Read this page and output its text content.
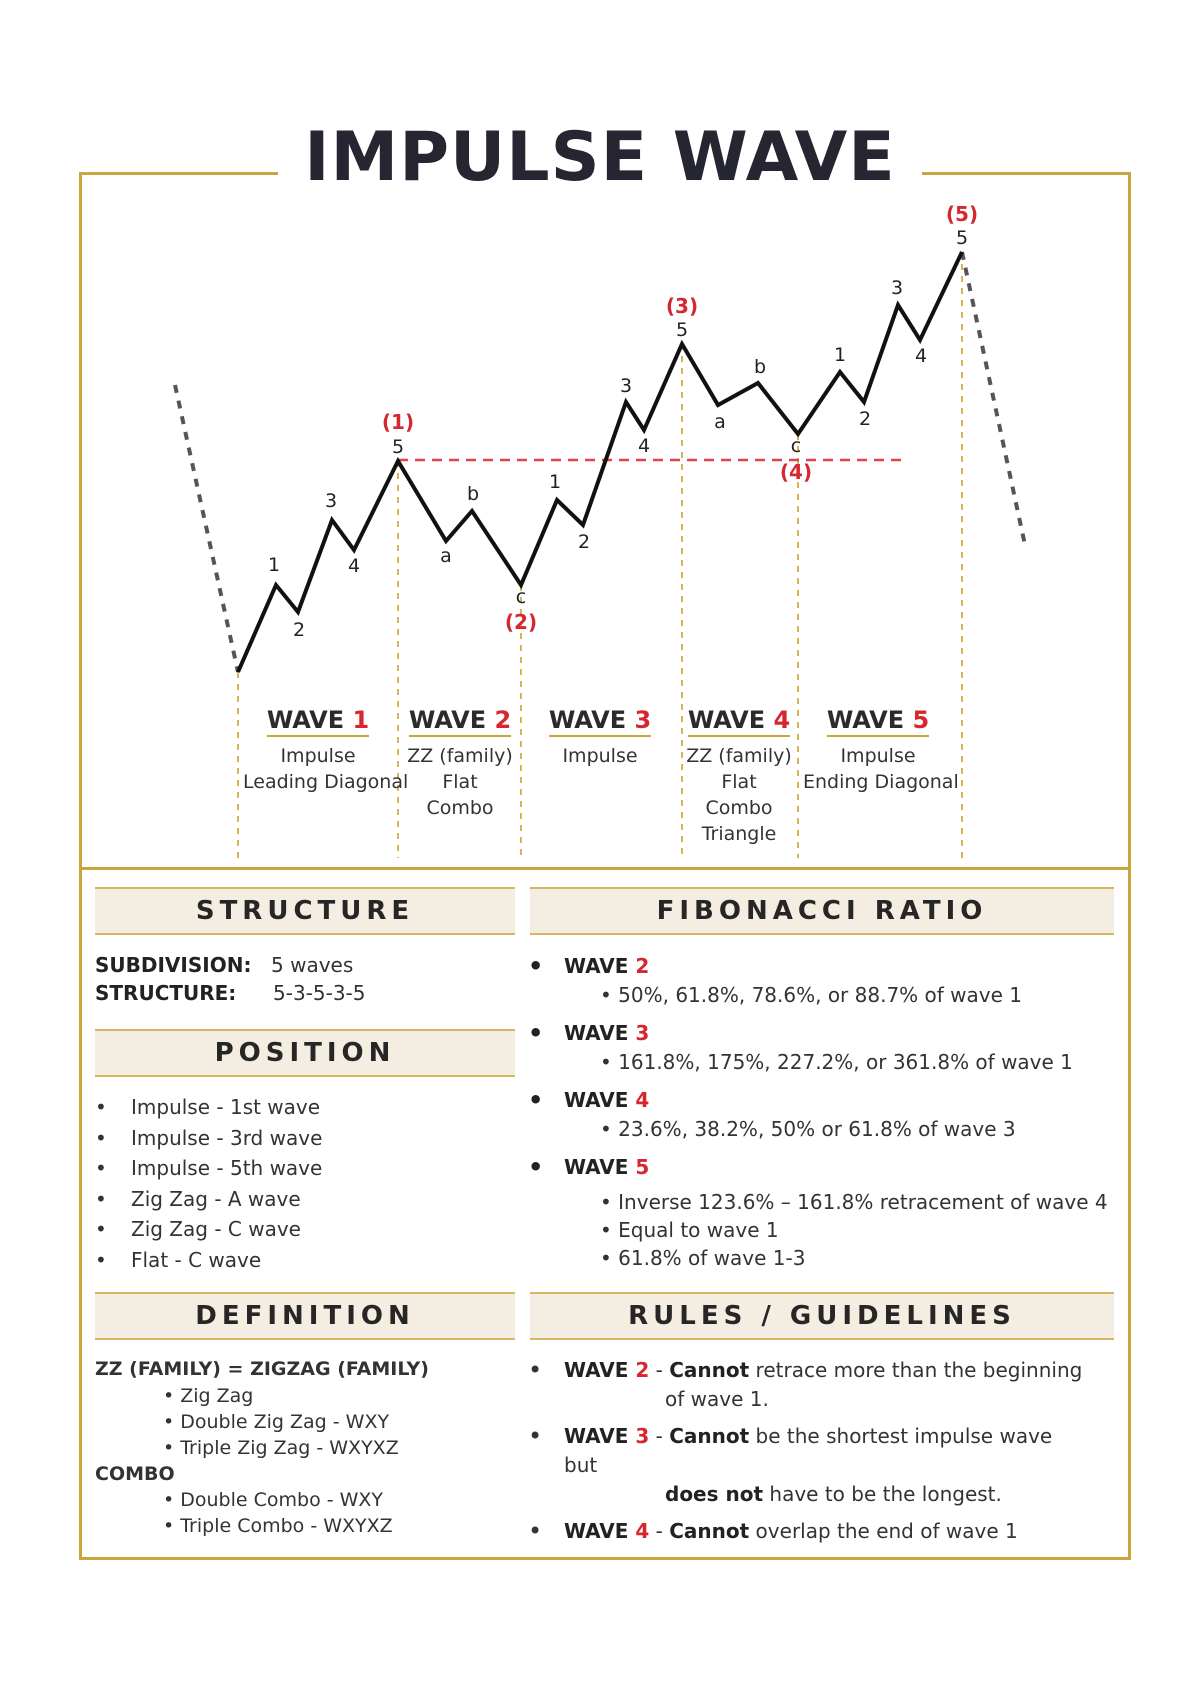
IMPULSE WAVE
1
2
3
4
5
a
b
c
1
2
3
4
5
a
b
c
1
2
3
4
5
(1)
(2)
(3)
(4)
(5)
WAVE 1
Impulse
Leading Diagonal
WAVE 2
ZZ (family)
Flat
Combo
WAVE 3
Impulse
WAVE 4
ZZ (family)
Flat
Combo
Triangle
WAVE 5
Impulse
Ending Diagonal
STRUCTURE
SUBDIVISION: 5 waves
STRUCTURE: 5-3-5-3-5
POSITION
• Impulse - 1st wave
• Impulse - 3rd wave
• Impulse - 5th wave
• Zig Zag - A wave
• Zig Zag - C wave
• Flat - C wave
DEFINITION
ZZ (FAMILY) = ZIGZAG (FAMILY)
• Zig Zag
• Double Zig Zag - WXY
• Triple Zig Zag - WXYXZ
COMBO
• Double Combo - WXY
• Triple Combo - WXYXZ
FIBONACCI RATIO
• WAVE 2
• 50%, 61.8%, 78.6%, or 88.7% of wave 1
• WAVE 3
• 161.8%, 175%, 227.2%, or 361.8% of wave 1
• WAVE 4
• 23.6%, 38.2%, 50% or 61.8% of wave 3
• WAVE 5
• Inverse 123.6% – 161.8% retracement of wave 4
• Equal to wave 1
• 61.8% of wave 1-3
RULES / GUIDELINES
• WAVE 2 - Cannot retrace more than the beginning
of wave 1.
• WAVE 3 - Cannot be the shortest impulse wave but
does not have to be the longest.
• WAVE 4 - Cannot overlap the end of wave 1
